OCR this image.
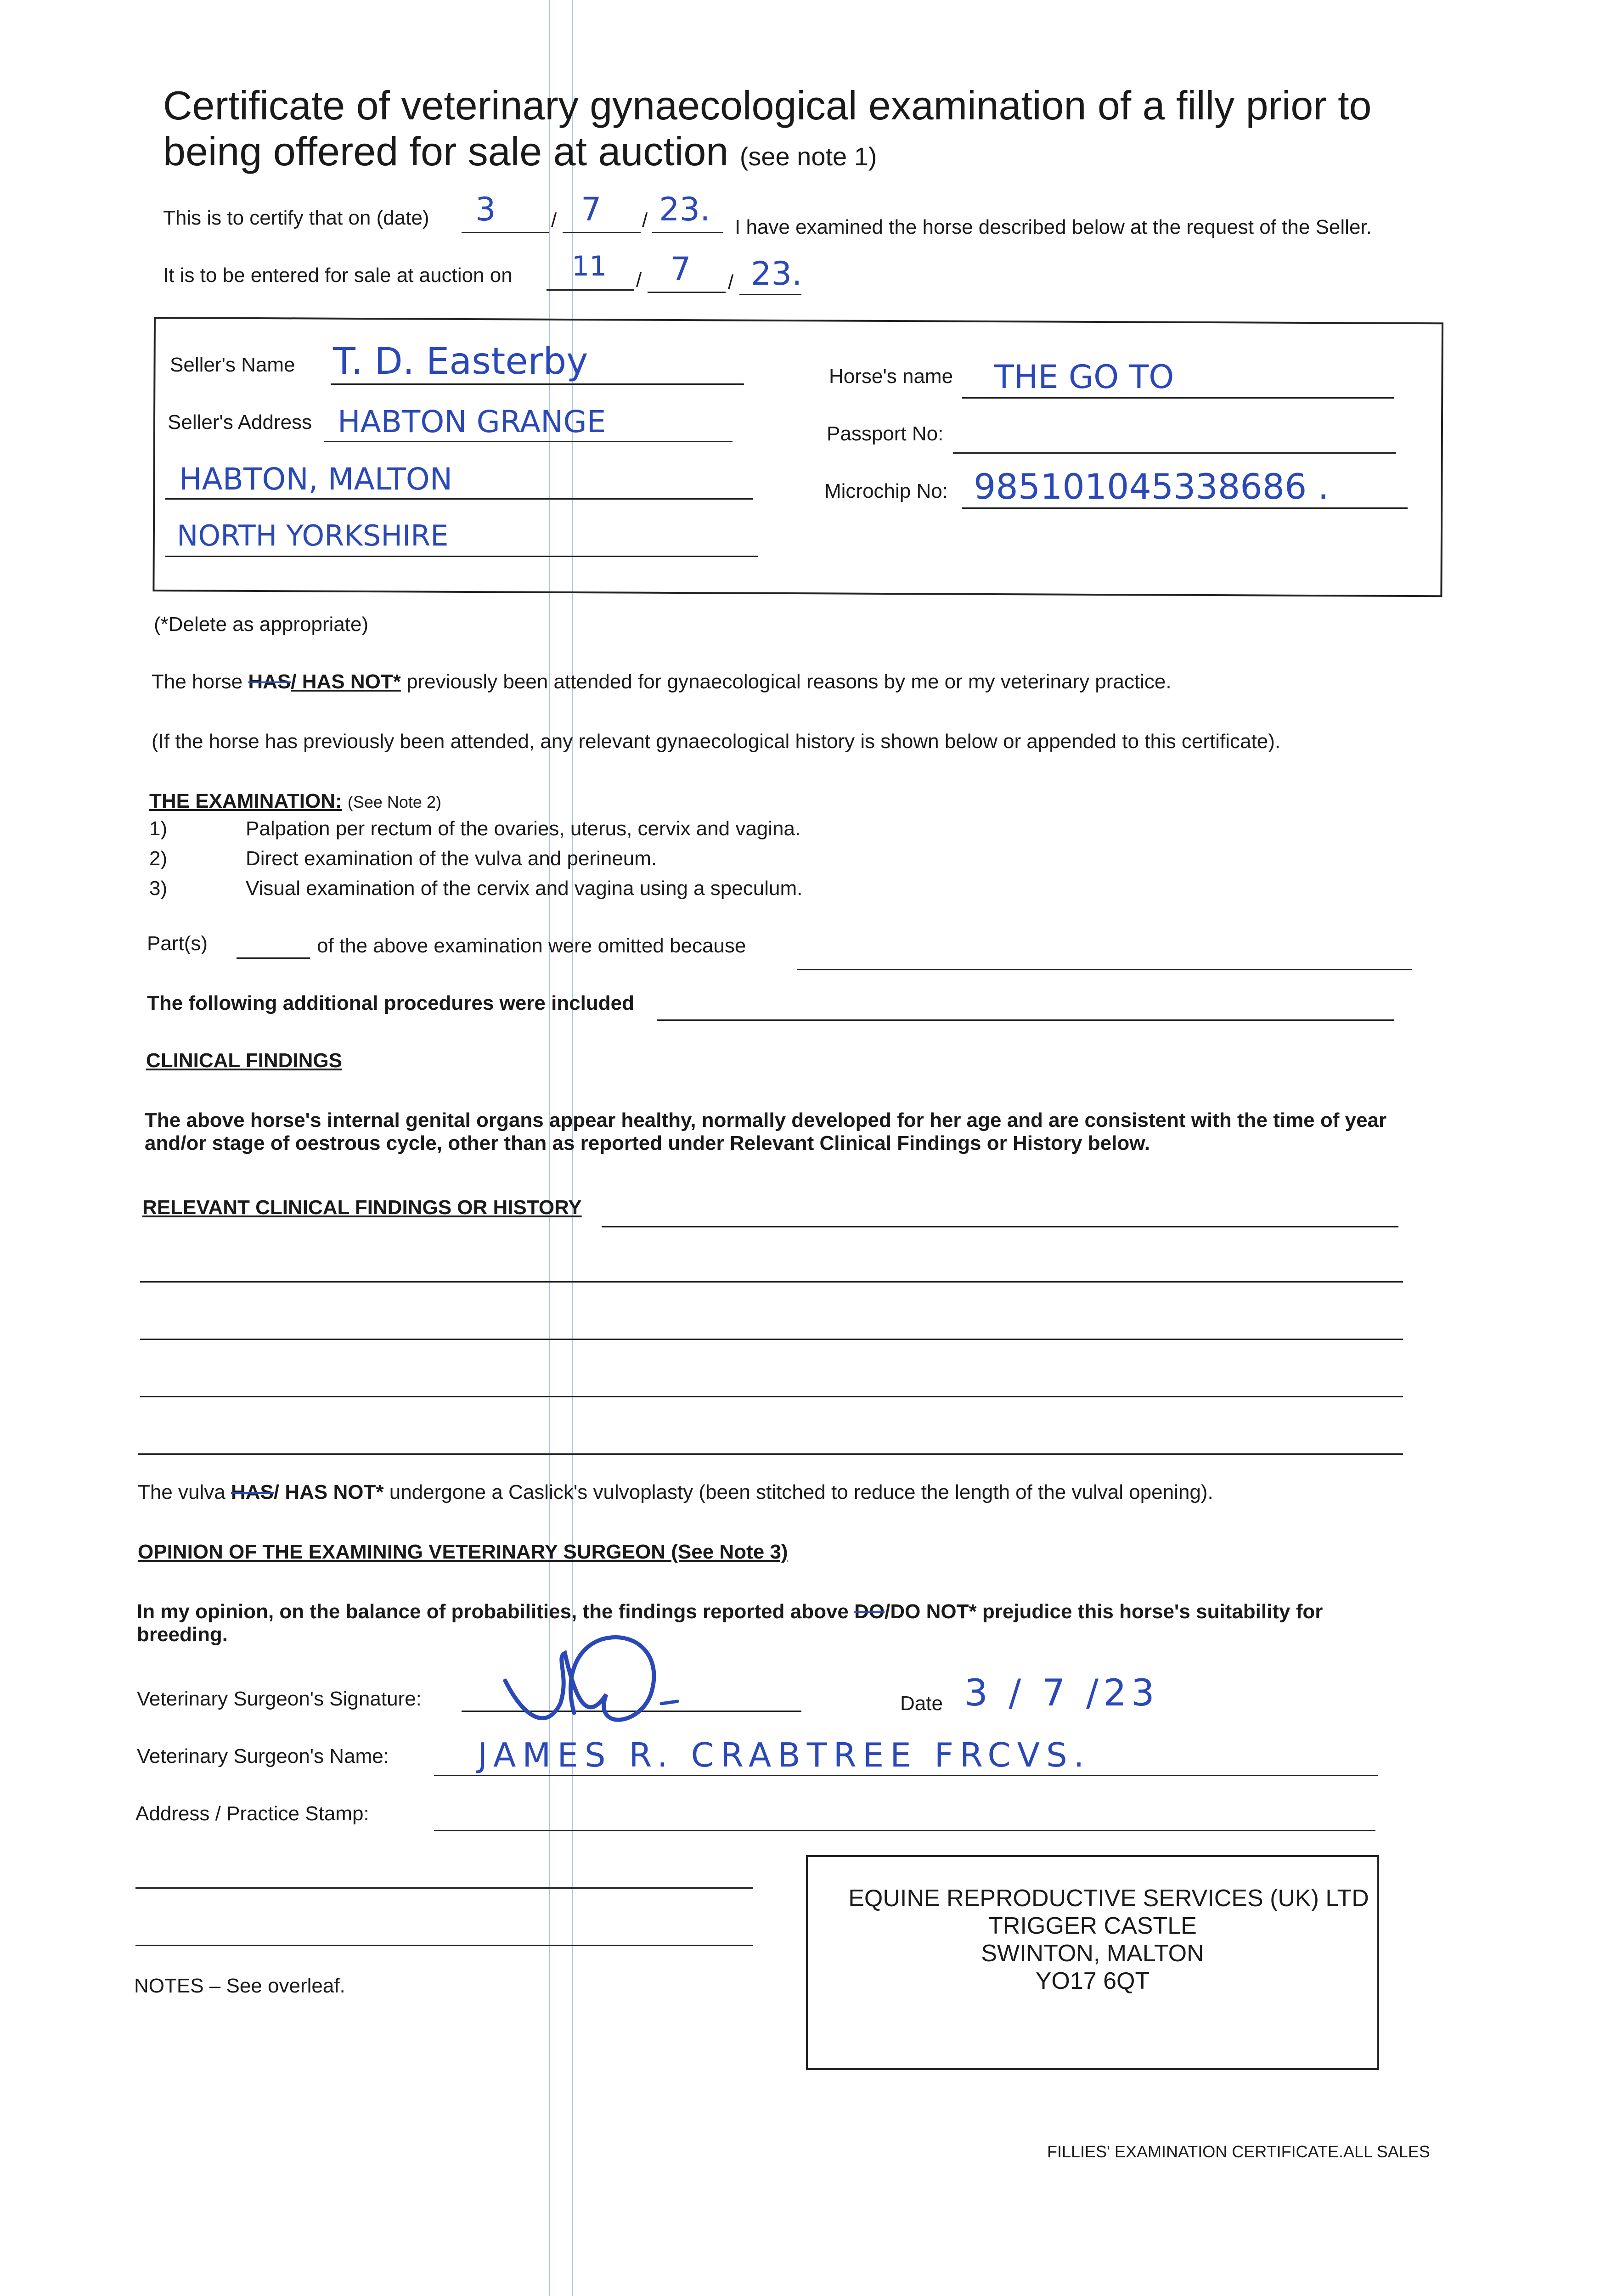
Certificate of veterinary gynaecological examination of a filly prior to
being offered for sale at auction (see note 1)
This is to certify that on (date) 3	/ 7 / 23. I have examined the horse described below at the request of the Seller.
It is to be entered for sale at auction on 11 / 7 / 23.
Seller's Name T. D. Easterby
Seller's Address HABTON GRANGE
HABTON, MALTON
NORTH YORKSHIRE
Horse's name THE GO TO
Passport No:
Microchip No: 985101045338686 .
(*Delete as appropriate)
The horse HAS/ HAS NOT* previously been attended for gynaecological reasons by me or my veterinary practice.
(If the horse has previously been attended, any relevant gynaecological history is shown below or appended to this certificate).
THE EXAMINATION: (See Note 2)
1)	Palpation per rectum of the ovaries, uterus, cervix and vagina.
2)	Direct examination of the vulva and perineum.
3)	Visual examination of the cervix and vagina using a speculum.
Part(s)	of the above examination were omitted because
The following additional procedures were included
CLINICAL FINDINGS
The above horse's internal genital organs appear healthy, normally developed for her age and are consistent with the time of year
and/or stage of oestrous cycle, other than as reported under Relevant Clinical Findings or History below.
RELEVANT CLINICAL FINDINGS OR HISTORY
The vulva HAS/ HAS NOT* undergone a Caslick's vulvoplasty (been stitched to reduce the length of the vulval opening).
OPINION OF THE EXAMINING VETERINARY SURGEON (See Note 3)
In my opinion, on the balance of probabilities, the findings reported above DO/DO NOT* prejudice this horse's suitability for
breeding.
Veterinary Surgeon's Signature:	Date 3 / 7 /23
Veterinary Surgeon's Name:	JAMES R. CRABTREE FRCVS.
Address / Practice Stamp:
EQUINE REPRODUCTIVE SERVICES (UK) LTD
TRIGGER CASTLE
SWINTON, MALTON
YO17 6QT
NOTES – See overleaf.
FILLIES' EXAMINATION CERTIFICATE.ALL SALES
